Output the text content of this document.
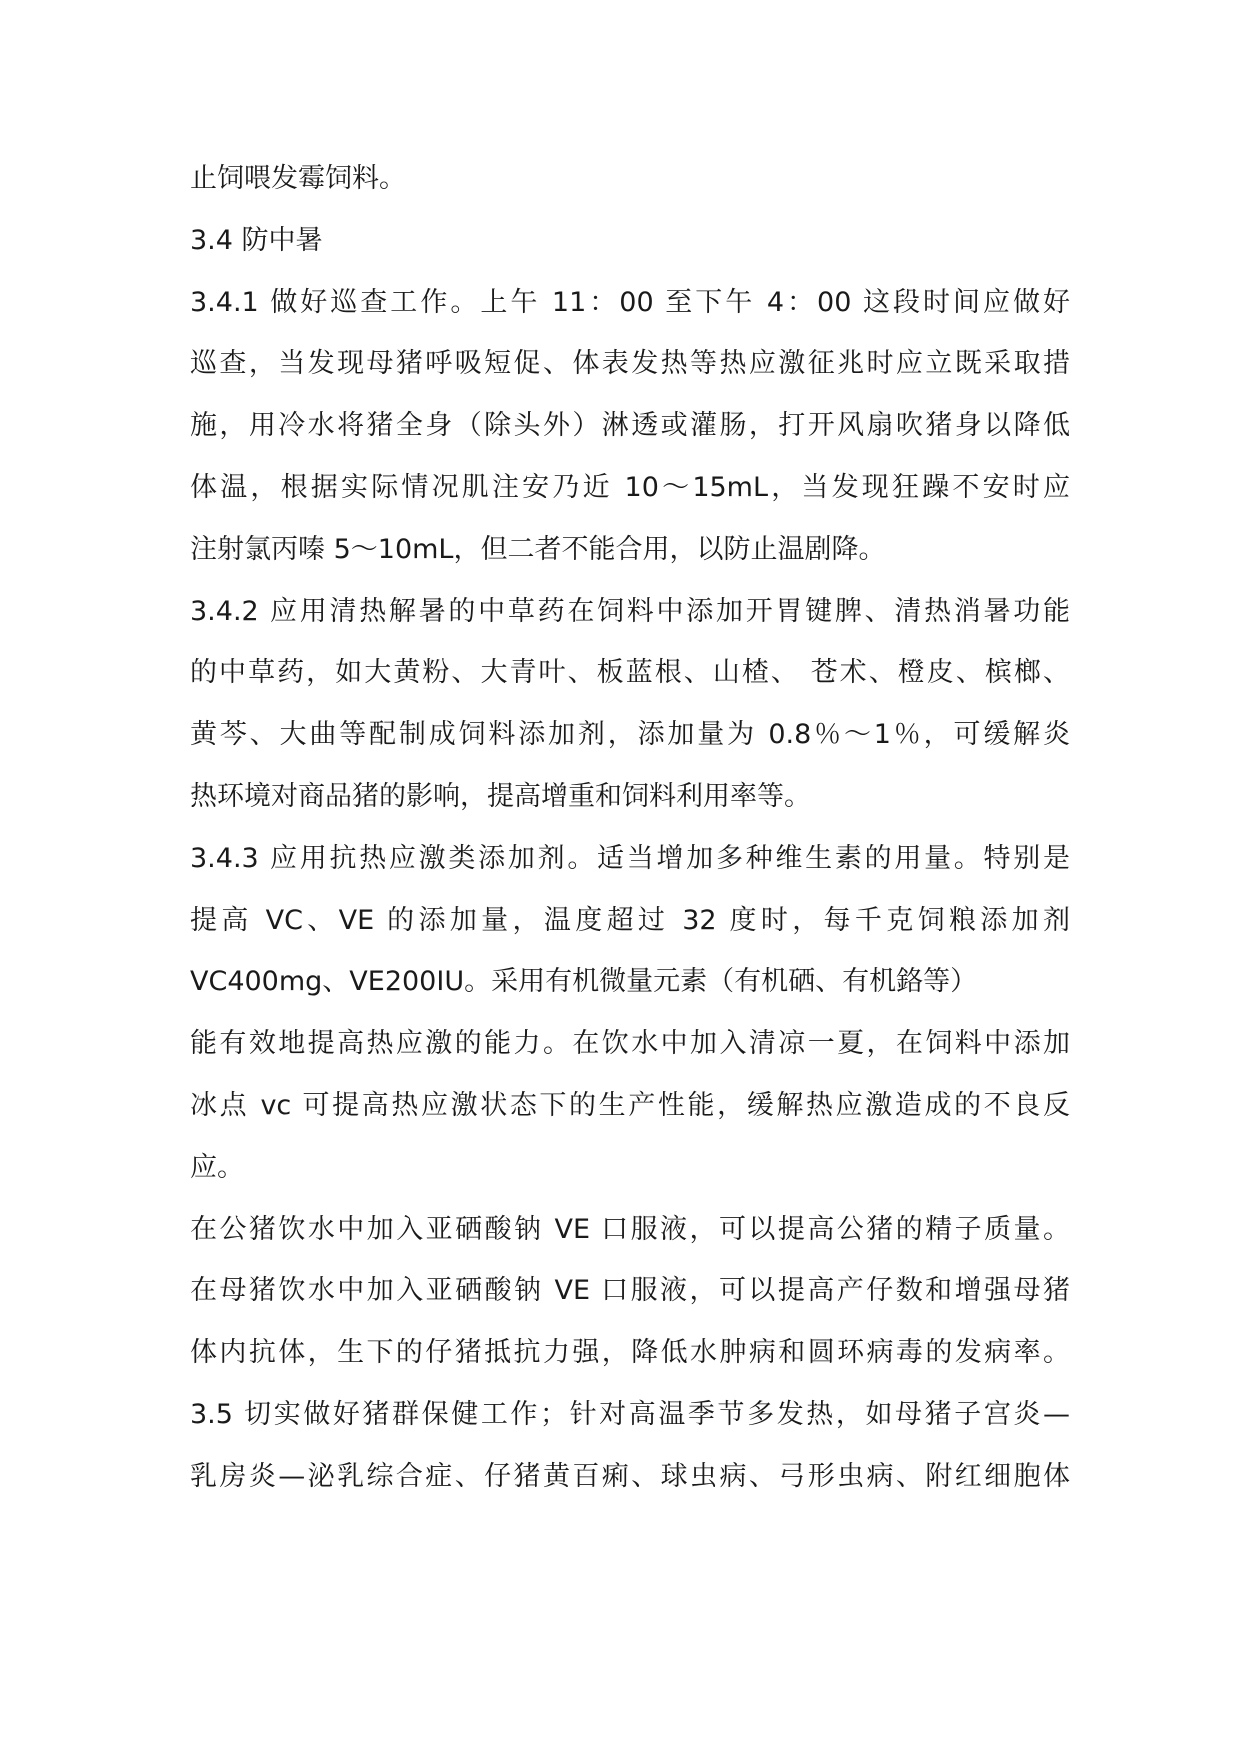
止饲喂发霉饲料。
3.4 防中暑
3.4.1 做好巡查工作。上午 11：00 至下午 4：00 这段时间应做好
巡查，当发现母猪呼吸短促、体表发热等热应激征兆时应立既采取措
施，用冷水将猪全身（除头外）淋透或灌肠，打开风扇吹猪身以降低
体温，根据实际情况肌注安乃近 10～15mL，当发现狂躁不安时应
注射氯丙嗪 5～10mL，但二者不能合用，以防止温剧降。
3.4.2 应用清热解暑的中草药在饲料中添加开胃键脾、清热消暑功能
的中草药，如大黄粉、大青叶、板蓝根、山楂、 苍术、橙皮、槟榔、
黄芩、大曲等配制成饲料添加剂，添加量为 0.8％～1％，可缓解炎
热环境对商品猪的影响，提高增重和饲料利用率等。
3.4.3 应用抗热应激类添加剂。适当增加多种维生素的用量。特别是
提高 VC、VE 的添加量，温度超过 32 度时，每千克饲粮添加剂
VC400mg、VE200IU。采用有机微量元素（有机硒、有机鉻等）
能有效地提高热应激的能力。在饮水中加入清凉一夏，在饲料中添加
冰点 vc 可提高热应激状态下的生产性能，缓解热应激造成的不良反
应。
在公猪饮水中加入亚硒酸钠 VE 口服液，可以提高公猪的精子质量。
在母猪饮水中加入亚硒酸钠 VE 口服液，可以提高产仔数和增强母猪
体内抗体，生下的仔猪抵抗力强，降低水肿病和圆环病毒的发病率。
3.5 切实做好猪群保健工作；针对高温季节多发热，如母猪子宫炎—
乳房炎—泌乳综合症、仔猪黄百痢、球虫病、弓形虫病、附红细胞体
